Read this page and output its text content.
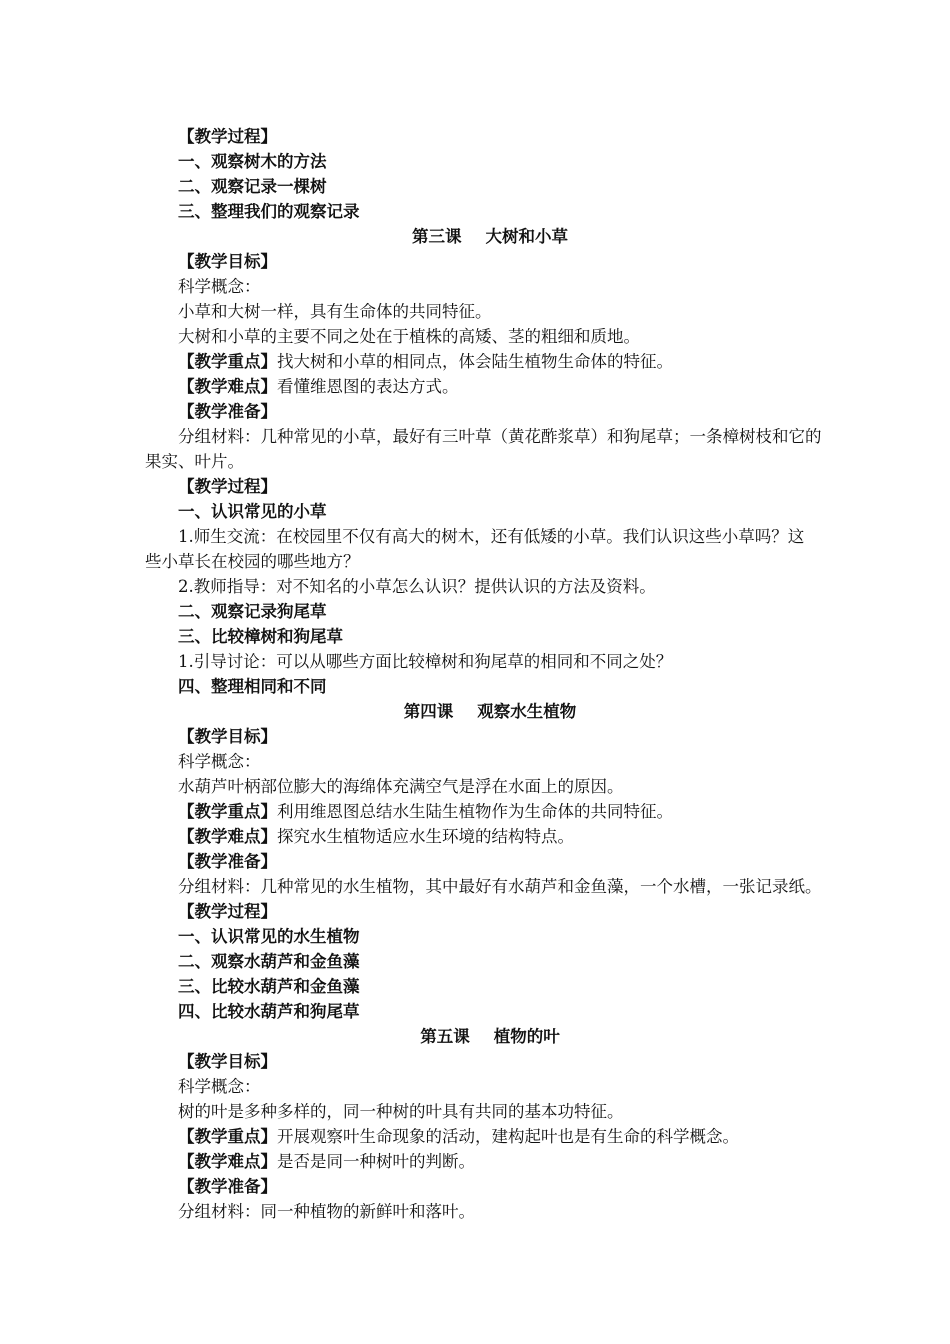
【教学过程】
一、观察树木的方法
二、观察记录一棵树
三、整理我们的观察记录
第三课 大树和小草
【教学目标】
科学概念：
小草和大树一样，具有生命体的共同特征。
大树和小草的主要不同之处在于植株的高矮、茎的粗细和质地。
【教学重点】找大树和小草的相同点，体会陆生植物生命体的特征。
【教学难点】看懂维恩图的表达方式。
【教学准备】
分组材料：几种常见的小草，最好有三叶草（黄花酢浆草）和狗尾草；一条樟树枝和它的
果实、叶片。
【教学过程】
一、认识常见的小草
1.师生交流：在校园里不仅有高大的树木，还有低矮的小草。我们认识这些小草吗？这
些小草长在校园的哪些地方？
2.教师指导：对不知名的小草怎么认识？提供认识的方法及资料。
二、观察记录狗尾草
三、比较樟树和狗尾草
1.引导讨论：可以从哪些方面比较樟树和狗尾草的相同和不同之处？
四、整理相同和不同
第四课 观察水生植物
【教学目标】
科学概念：
水葫芦叶柄部位膨大的海绵体充满空气是浮在水面上的原因。
【教学重点】利用维恩图总结水生陆生植物作为生命体的共同特征。
【教学难点】探究水生植物适应水生环境的结构特点。
【教学准备】
分组材料：几种常见的水生植物，其中最好有水葫芦和金鱼藻，一个水槽，一张记录纸。
【教学过程】
一、认识常见的水生植物
二、观察水葫芦和金鱼藻
三、比较水葫芦和金鱼藻
四、比较水葫芦和狗尾草
第五课 植物的叶
【教学目标】
科学概念：
树的叶是多种多样的，同一种树的叶具有共同的基本功特征。
【教学重点】开展观察叶生命现象的活动，建构起叶也是有生命的科学概念。
【教学难点】是否是同一种树叶的判断。
【教学准备】
分组材料：同一种植物的新鲜叶和落叶。
